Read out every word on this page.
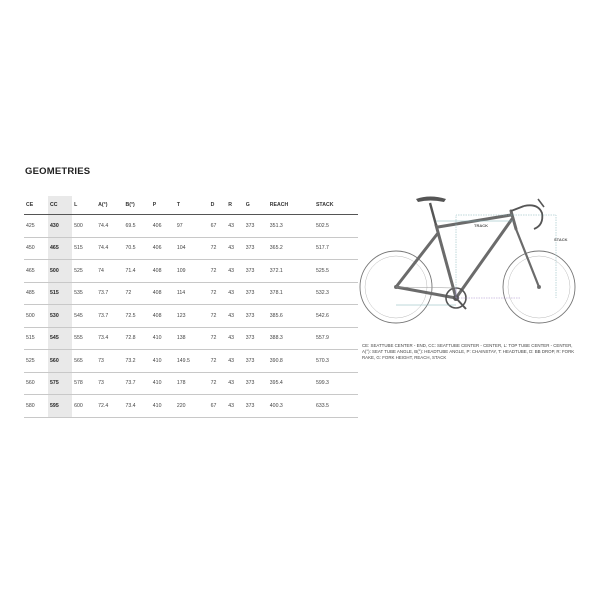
GEOMETRIES
CE	CC	L	A(°)	B(°)	P	T	D	R	G	REACH	STACK
425	430	500	74.4	69.5	406	97	67	43	373	351.3	502.5
450	465	515	74.4	70.5	406	104	72	43	373	365.2	517.7
465	500	525	74	71.4	408	109	72	43	373	372.1	525.5
485	515	535	73.7	72	408	114	72	43	373	378.1	532.3
500	530	545	73.7	72.5	408	123	72	43	373	385.6	542.6
515	545	555	73.4	72.8	410	138	72	43	373	388.3	557.9
525	560	565	73	73.2	410	149.5	72	43	373	390.8	570.3
560	575	578	73	73.7	410	178	72	43	373	395.4	599.3
580	595	600	72.4	73.4	410	220	67	43	373	400.3	633.5
TRACK
STACK
CE: SEATTUBE CENTER - END, CC: SEATTUBE CENTER - CENTER, L: TOP TUBE CENTER - CENTER, A(°): SEAT TUBE ANGLE, B(°): HEADTUBE ANGLE, P: CHAINSTAY, T: HEADTUBE, D: BB DROP, R: FORK RAKE, G: FORK HEIGHT, REACH, STACK
